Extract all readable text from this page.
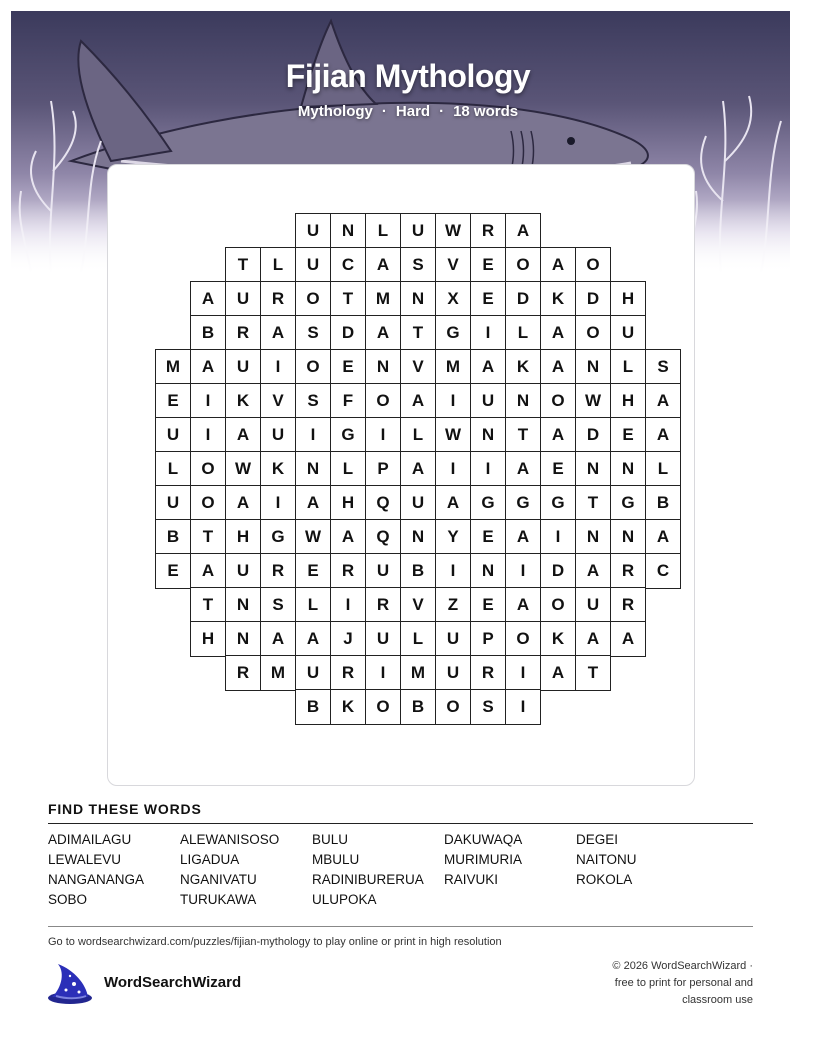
Fijian Mythology
Mythology · Hard · 18 words
U	N	L	U	W	R	A
T	L	U	C	A	S	V	E	O	A	O
A	U	R	O	T	M	N	X	E	D	K	D	H
B	R	A	S	D	A	T	G	I	L	A	O	U
M	A	U	I	O	E	N	V	M	A	K	A	N	L	S
E	I	K	V	S	F	O	A	I	U	N	O	W	H	A
U	I	A	U	I	G	I	L	W	N	T	A	D	E	A
L	O	W	K	N	L	P	A	I	I	A	E	N	N	L
U	O	A	I	A	H	Q	U	A	G	G	G	T	G	B
B	T	H	G	W	A	Q	N	Y	E	A	I	N	N	A
E	A	U	R	E	R	U	B	I	N	I	D	A	R	C
T	N	S	L	I	R	V	Z	E	A	O	U	R
H	N	A	A	J	U	L	U	P	O	K	A	A
R	M	U	R	I	M	U	R	I	A	T
B	K	O	B	O	S	I
FIND THESE WORDS
ADIMAILAGU	ALEWANISOSO	BULU	DAKUWAQA	DEGEI
LEWALEVU	LIGADUA	MBULU	MURIMURIA	NAITONU
NANGANANGA	NGANIVATU	RADINIBURERUA	RAIVUKI	ROKOLA
SOBO	TURUKAWA	ULUPOKA
Go to wordsearchwizard.com/puzzles/fijian-mythology to play online or print in high resolution
WordSearchWizard
© 2026 WordSearchWizard ·
free to print for personal and
classroom use
